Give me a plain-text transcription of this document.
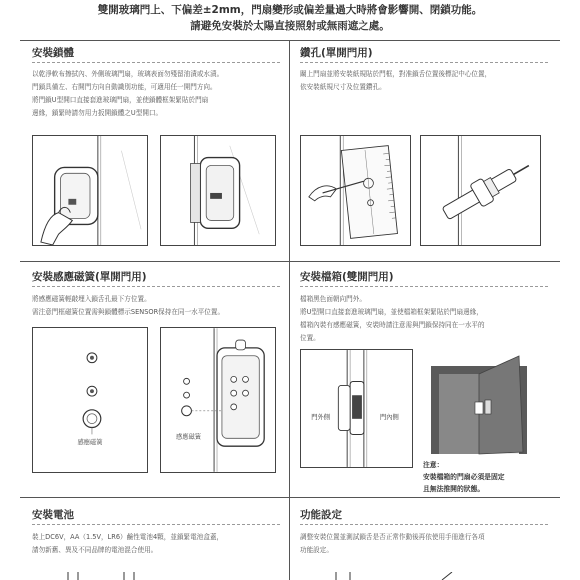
雙開玻璃門上、下偏差±2mm，門扇變形或偏差量過大時將會影響開、閉鎖功能。
請避免安裝於太陽直接照射或無雨遮之處。
安裝鎖體
以乾淨軟布擦拭內、外側玻璃門扇，玻璃表面勿殘留油漬或水漬。
門鎖具備左、右開門方向自動識別功能，可適用任一開門方向。
將門鎖U型開口直接套進玻璃門扇，並使鎖體框架緊貼於門扇
邊緣，鎖緊時請勿用力扳開鎖體之U型開口。
鑽孔(單開門用)
關上門扇並將安裝紙規貼於門框，對准鎖舌位置後標記中心位置，
依安裝紙規尺寸及位置鑽孔。
安裝感應磁簧(單開門用)
將感應磁簧輕敲埋入鎖舌孔最下方位置。
需注意門框磁簧位置需與鎖體標示SENSOR保持在同一水平位置。
感應磁簧
感應磁簧
安裝檔箱(雙開門用)
檔箱黑色面朝向門外。
將U型開口直接套進玻璃門扇，並使檔箱框架緊貼於門扇邊緣，
檔箱內裝有感應磁簧，安裝時請注意需與門鎖保持同在一水平的
位置。
門外側	門內側
注意：
安裝檔箱的門扇必須是固定
且無法推開的狀態。
安裝電池
裝上DC6V，AA（1.5V，LR6）鹼性電池4顆，並鎖緊電池盒蓋，
請勿新舊、異及不同品牌的電池混合使用。
功能設定
調整安裝位置並測試鎖舌是否正常作動後再依使用手冊進行各項
功能設定。
